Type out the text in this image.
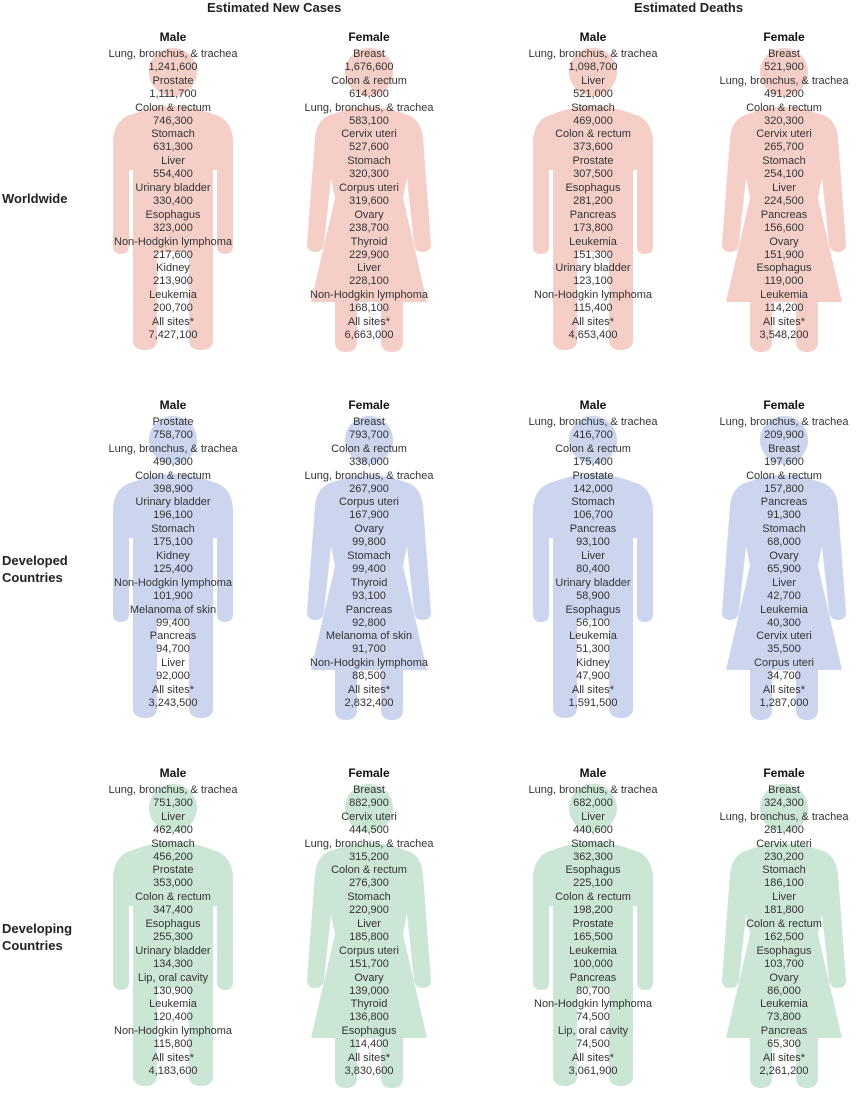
Estimated New Cases	Estimated Deaths
Worldwide
Developed
Countries
Developing
Countries
Male
Lung, bronchus, & trachea
1,241,600
Prostate
1,111,700
Colon & rectum
746,300
Stomach
631,300
Liver
554,400
Urinary bladder
330,400
Esophagus
323,000
Non-Hodgkin lymphoma
217,600
Kidney
213,900
Leukemia
200,700
All sites*
7,427,100
Female
Breast
1,676,600
Colon & rectum
614,300
Lung, bronchus, & trachea
583,100
Cervix uteri
527,600
Stomach
320,300
Corpus uteri
319,600
Ovary
238,700
Thyroid
229,900
Liver
228,100
Non-Hodgkin lymphoma
168,100
All sites*
6,663,000
Male
Lung, bronchus, & trachea
1,098,700
Liver
521,000
Stomach
469,000
Colon & rectum
373,600
Prostate
307,500
Esophagus
281,200
Pancreas
173,800
Leukemia
151,300
Urinary bladder
123,100
Non-Hodgkin lymphoma
115,400
All sites*
4,653,400
Female
Breast
521,900
Lung, bronchus, & trachea
491,200
Colon & rectum
320,300
Cervix uteri
265,700
Stomach
254,100
Liver
224,500
Pancreas
156,600
Ovary
151,900
Esophagus
119,000
Leukemia
114,200
All sites*
3,548,200
Male
Prostate
758,700
Lung, bronchus, & trachea
490,300
Colon & rectum
398,900
Urinary bladder
196,100
Stomach
175,100
Kidney
125,400
Non-Hodgkin lymphoma
101,900
Melanoma of skin
99,400
Pancreas
94,700
Liver
92,000
All sites*
3,243,500
Female
Breast
793,700
Colon & rectum
338,000
Lung, bronchus, & trachea
267,900
Corpus uteri
167,900
Ovary
99,800
Stomach
99,400
Thyroid
93,100
Pancreas
92,800
Melanoma of skin
91,700
Non-Hodgkin lymphoma
88,500
All sites*
2,832,400
Male
Lung, bronchus, & trachea
416,700
Colon & rectum
175,400
Prostate
142,000
Stomach
106,700
Pancreas
93,100
Liver
80,400
Urinary bladder
58,900
Esophagus
56,100
Leukemia
51,300
Kidney
47,900
All sites*
1,591,500
Female
Lung, bronchus, & trachea
209,900
Breast
197,600
Colon & rectum
157,800
Pancreas
91,300
Stomach
68,000
Ovary
65,900
Liver
42,700
Leukemia
40,300
Cervix uteri
35,500
Corpus uteri
34,700
All sites*
1,287,000
Male
Lung, bronchus, & trachea
751,300
Liver
462,400
Stomach
456,200
Prostate
353,000
Colon & rectum
347,400
Esophagus
255,300
Urinary bladder
134,300
Lip, oral cavity
130,900
Leukemia
120,400
Non-Hodgkin lymphoma
115,800
All sites*
4,183,600
Female
Breast
882,900
Cervix uteri
444,500
Lung, bronchus, & trachea
315,200
Colon & rectum
276,300
Stomach
220,900
Liver
185,800
Corpus uteri
151,700
Ovary
139,000
Thyroid
136,800
Esophagus
114,400
All sites*
3,830,600
Male
Lung, bronchus, & trachea
682,000
Liver
440,600
Stomach
362,300
Esophagus
225,100
Colon & rectum
198,200
Prostate
165,500
Leukemia
100,000
Pancreas
80,700
Non-Hodgkin lymphoma
74,500
Lip, oral cavity
74,500
All sites*
3,061,900
Female
Breast
324,300
Lung, bronchus, & trachea
281,400
Cervix uteri
230,200
Stomach
186,100
Liver
181,800
Colon & rectum
162,500
Esophagus
103,700
Ovary
86,000
Leukemia
73,800
Pancreas
65,300
All sites*
2,261,200
